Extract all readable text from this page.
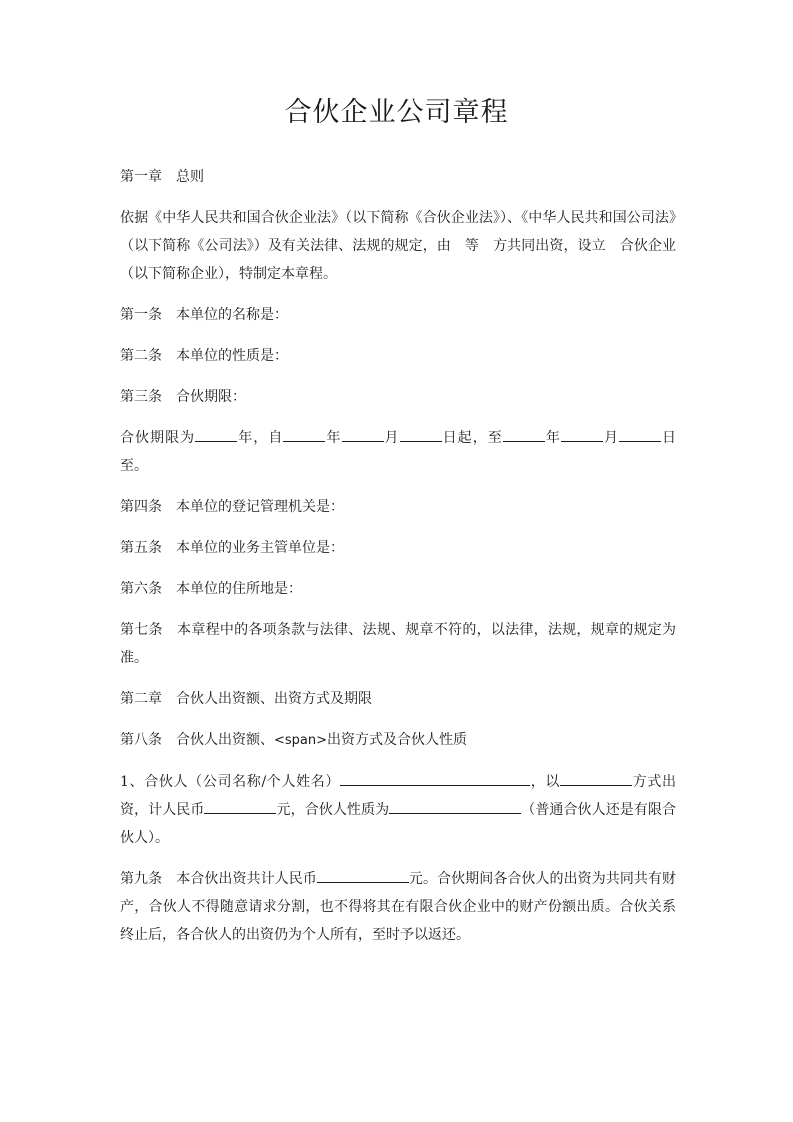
合伙企业公司章程

第一章　总则

依据《中华人民共和国合伙企业法》（以下简称《合伙企业法》）、《中华人民共和国公司法》（以下简称《公司法》）及有关法律、法规的规定，由　等　方共同出资，设立　合伙企业（以下简称企业），特制定本章程。

第一条　本单位的名称是：

第二条　本单位的性质是：

第三条　合伙期限：

合伙期限为	年，自	年	月	日起，至	年	月	日至。

第四条　本单位的登记管理机关是：

第五条　本单位的业务主管单位是：

第六条　本单位的住所地是：

第七条　本章程中的各项条款与法律、法规、规章不符的，以法律，法规，规章的规定为准。

第二章　合伙人出资额、出资方式及期限

第八条　合伙人出资额、<span>出资方式及合伙人性质

1、合伙人（公司名称/个人姓名）	，以	方式出资，计人民币	元，合伙人性质为	（普通合伙人还是有限合伙人）。

第九条　本合伙出资共计人民币	元。合伙期间各合伙人的出资为共同共有财产，合伙人不得随意请求分割，也不得将其在有限合伙企业中的财产份额出质。合伙关系终止后，各合伙人的出资仍为个人所有，至时予以返还。
